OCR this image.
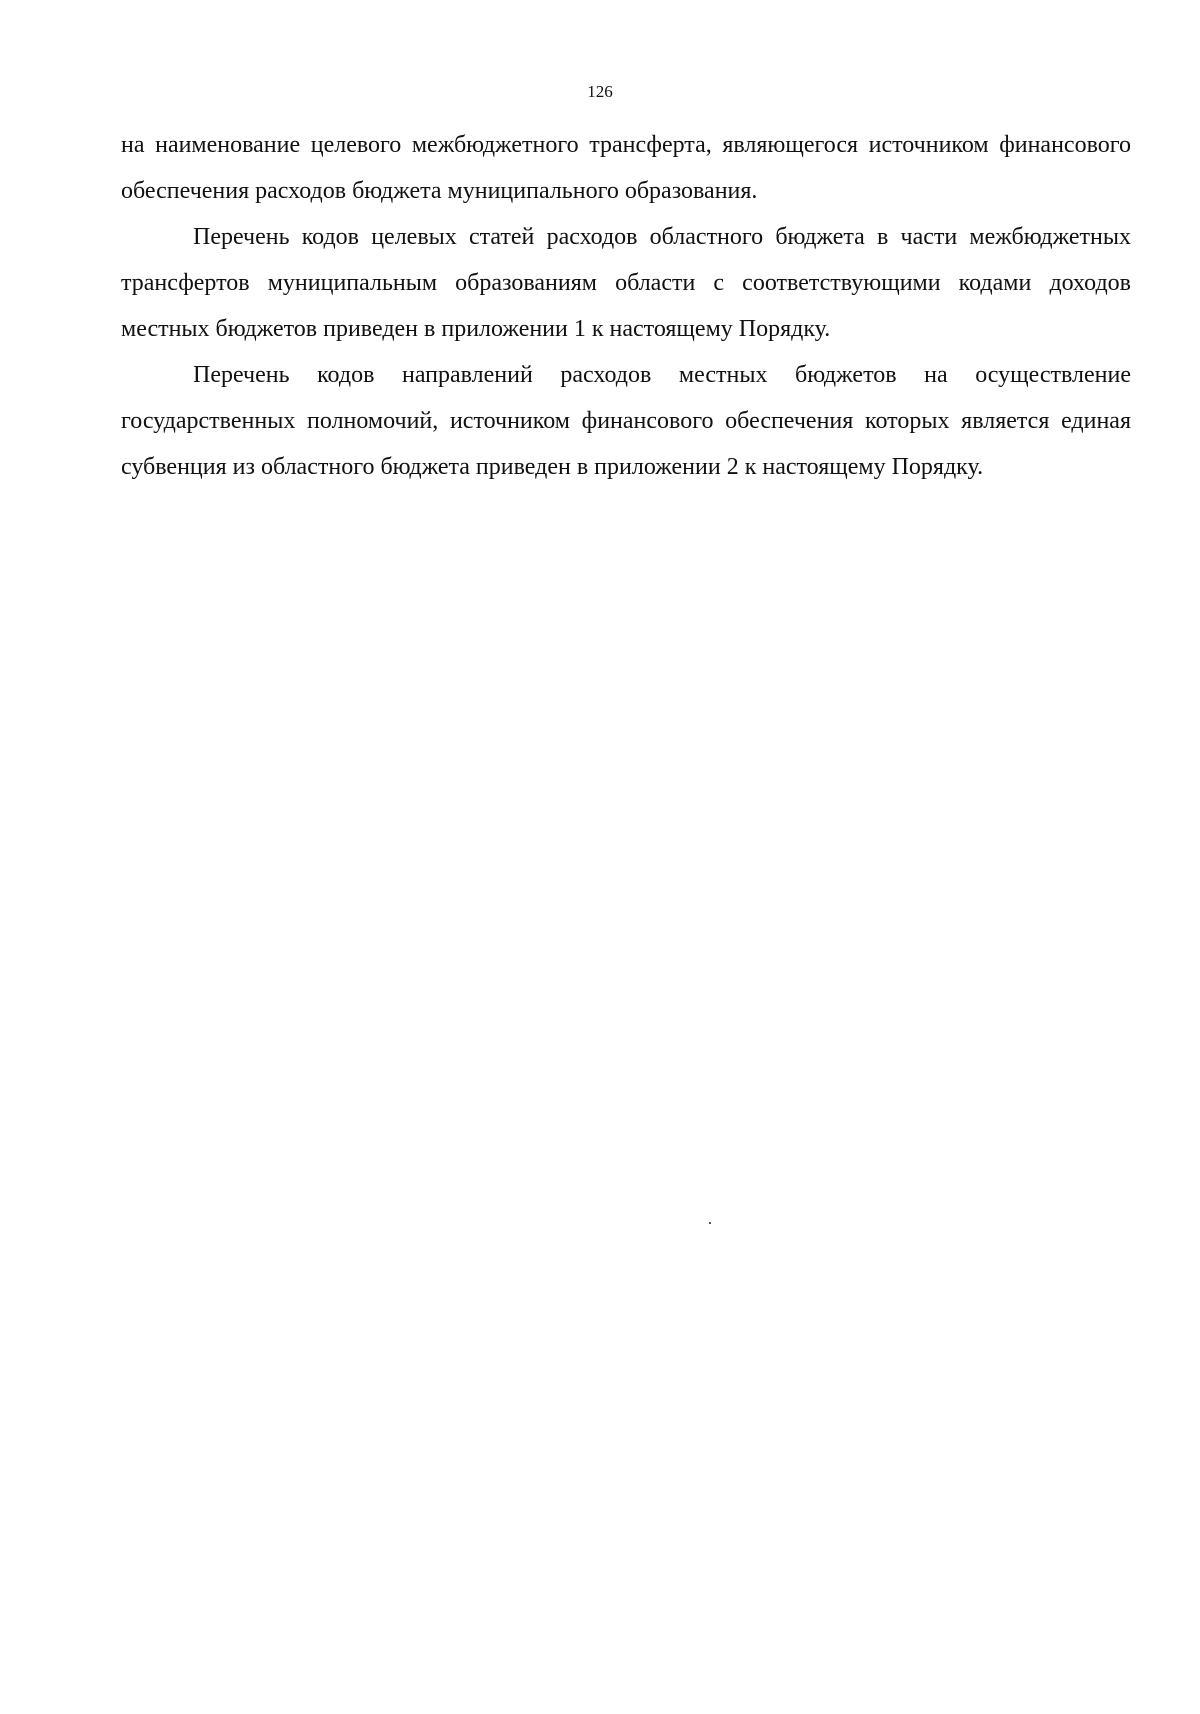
126

на наименование целевого межбюджетного трансферта, являющегося источником финансового обеспечения расходов бюджета муниципального образования.

Перечень кодов целевых статей расходов областного бюджета в части межбюджетных трансфертов муниципальным образованиям области с соответствующими кодами доходов местных бюджетов приведен в приложении 1 к настоящему Порядку.

Перечень кодов направлений расходов местных бюджетов на осуществление государственных полномочий, источником финансового обеспечения которых является единая субвенция из областного бюджета приведен в приложении 2 к настоящему Порядку.
